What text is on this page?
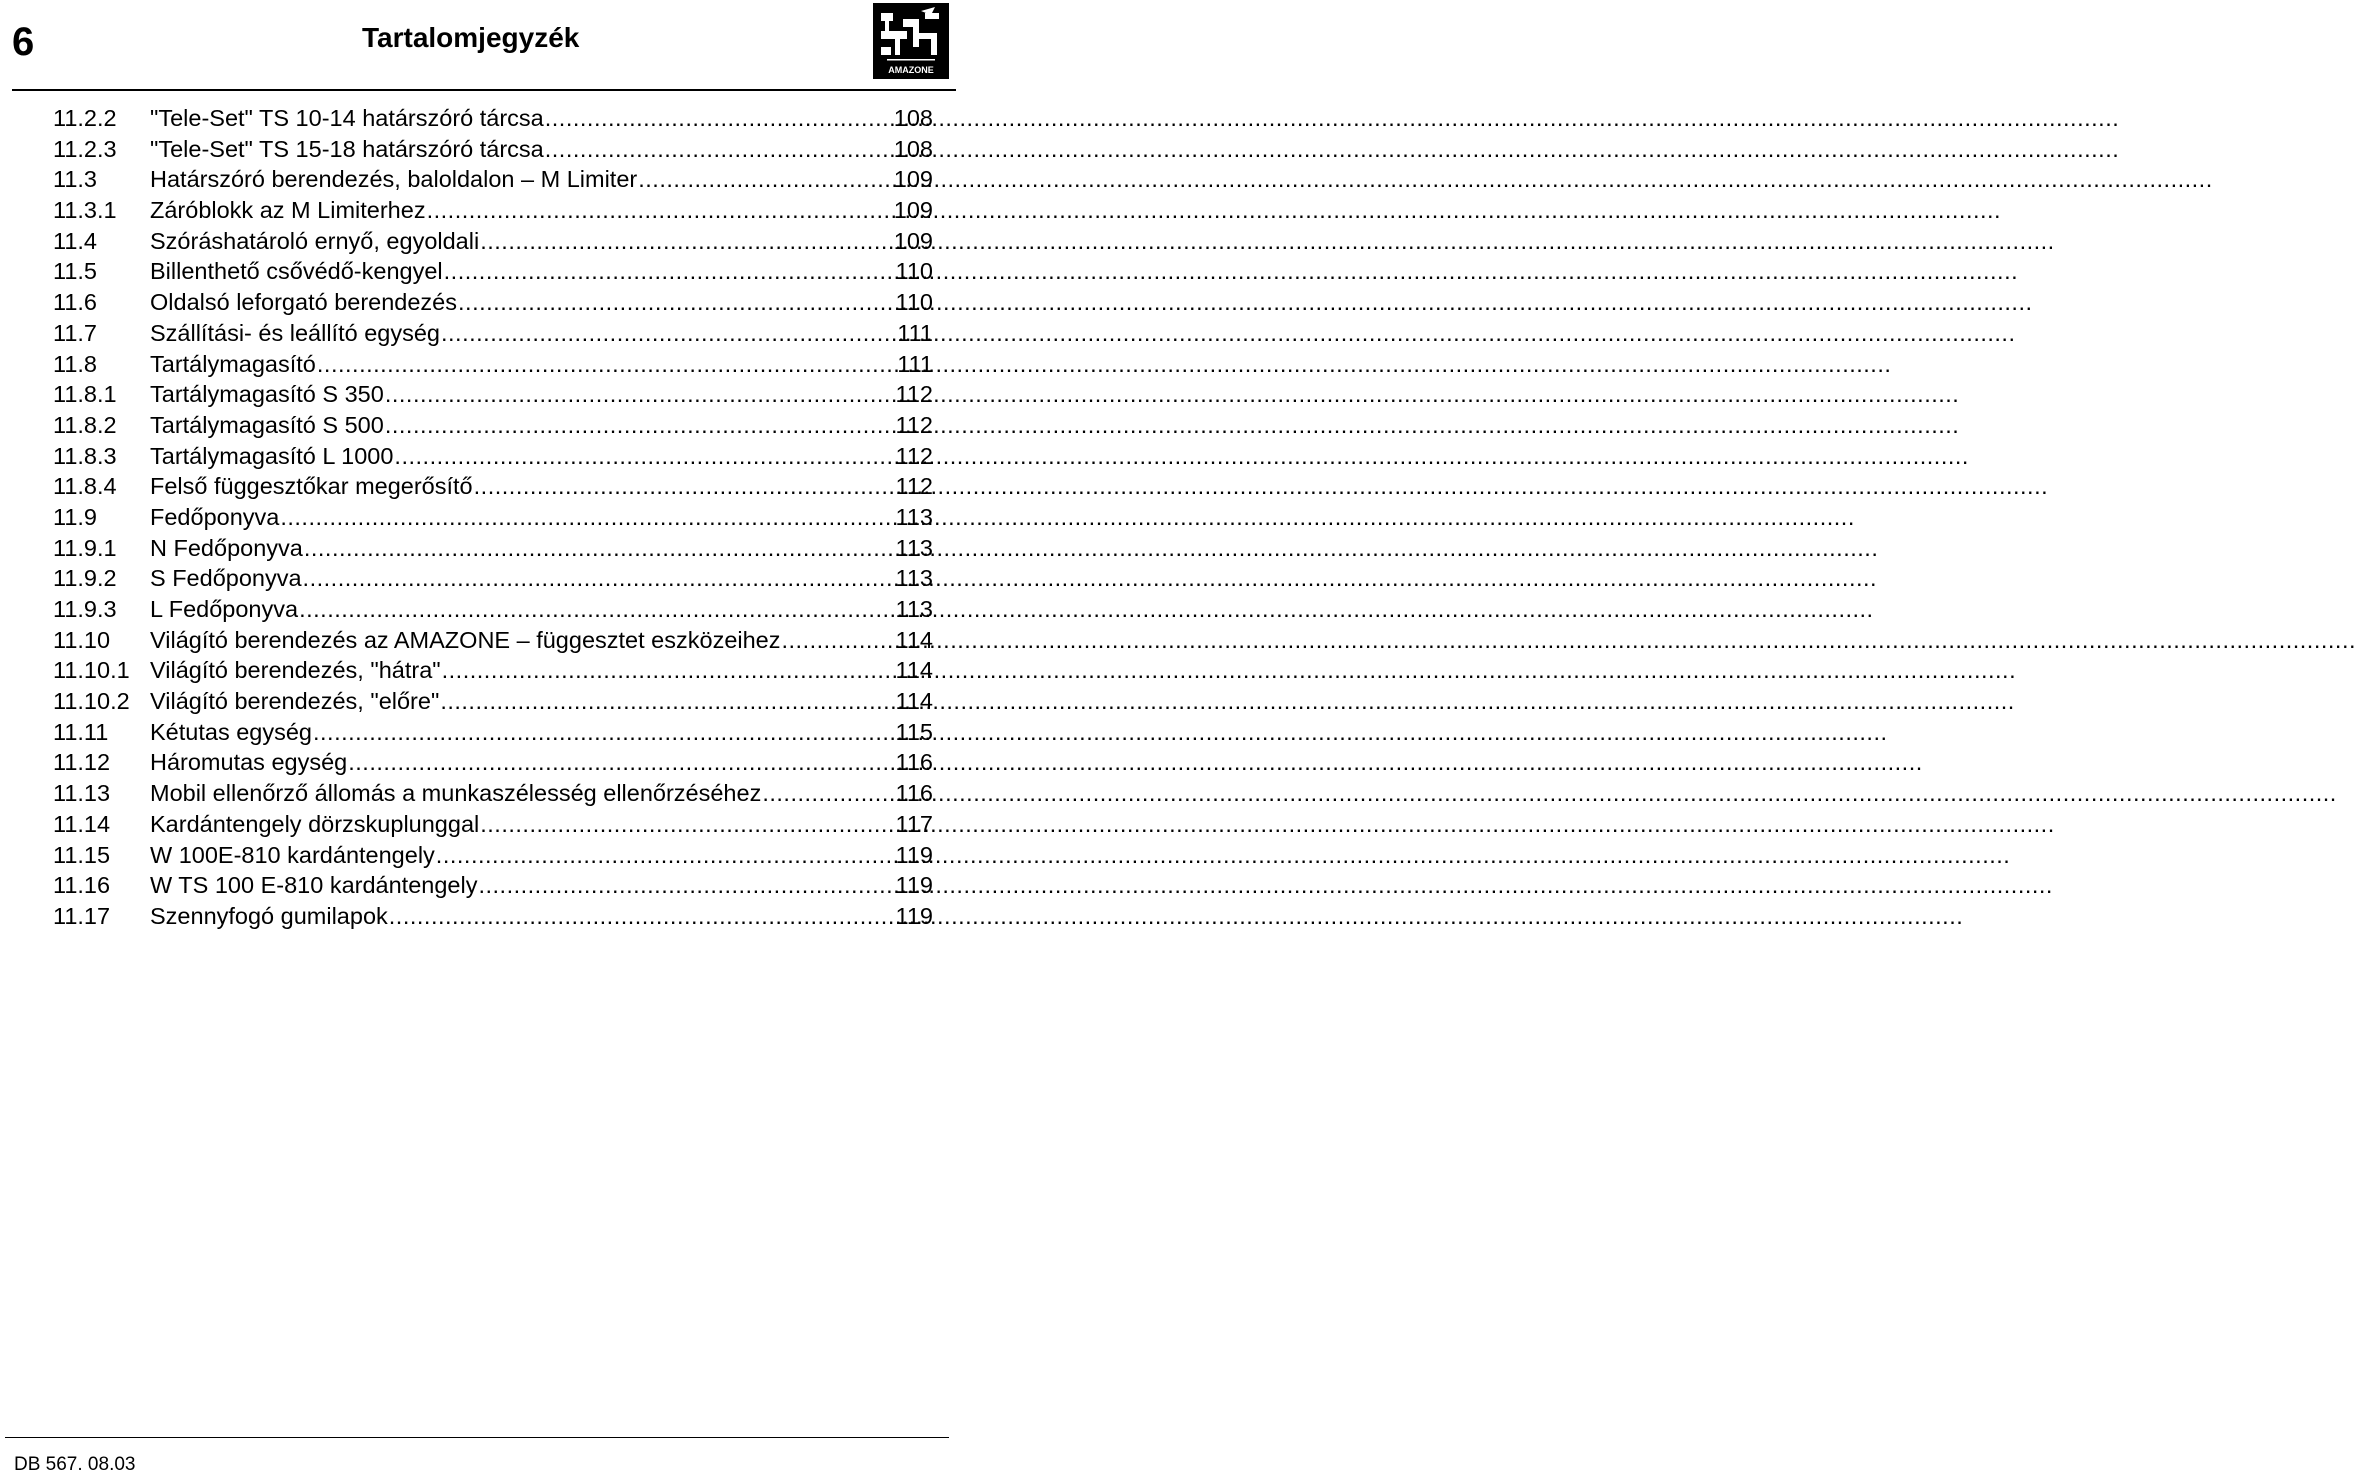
6	Tartalomjegyzék
AMAZONE
11.2.2	"Tele-Set" TS 10-14 határszóró tárcsa .....	108
11.2.3	"Tele-Set" TS 15-18 határszóró tárcsa .....	108
11.3	Határszóró berendezés, baloldalon – M Limiter .....	109
11.3.1	Záróblokk az M Limiterhez .....	109
11.4	Szóráshatároló ernyő, egyoldali .....	109
11.5	Billenthető csővédő-kengyel .....	110
11.6	Oldalsó leforgató berendezés .....	110
11.7	Szállítási- és leállító egység .....	111
11.8	Tartálymagasító .....	111
11.8.1	Tartálymagasító S 350 .....	112
11.8.2	Tartálymagasító S 500 .....	112
11.8.3	Tartálymagasító L 1000 .....	112
11.8.4	Felső függesztőkar megerősítő .....	112
11.9	Fedőponyva .....	113
11.9.1	N Fedőponyva .....	113
11.9.2	S Fedőponyva .....	113
11.9.3	L Fedőponyva .....	113
11.10	Világító berendezés az AMAZONE – függesztet eszközeihez .....	114
11.10.1 Világító berendezés, "hátra" .....	114
11.10.2 Világító berendezés, "előre" .....	114
11.11	Kétutas egység .....	115
11.12	Háromutas egység .....	116
11.13	Mobil ellenőrző állomás a munkaszélesség ellenőrzéséhez .....	116
11.14	Kardántengely dörzskuplunggal .....	117
11.15	W 100E-810 kardántengely .....	119
11.16	W TS 100 E-810 kardántengely .....	119
11.17	Szennyfogó gumilapok .....	119
DB 567. 08.03
